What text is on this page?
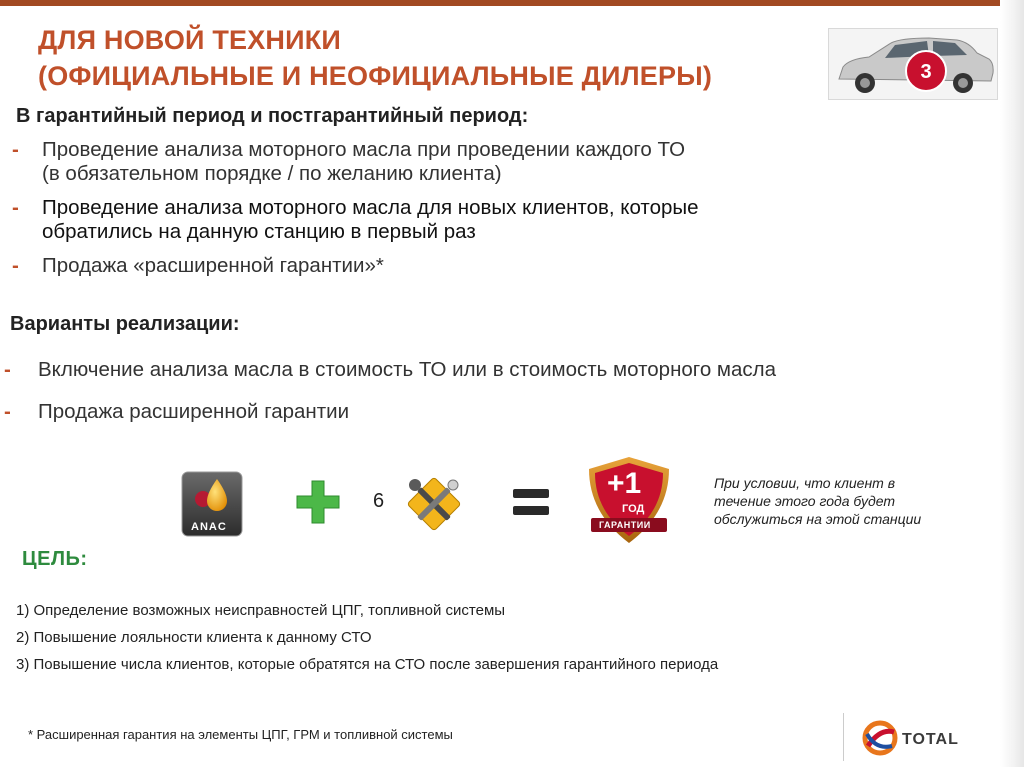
ДЛЯ НОВОЙ ТЕХНИКИ
(ОФИЦИАЛЬНЫЕ И НЕОФИЦИАЛЬНЫЕ ДИЛЕРЫ)	3
В гарантийный период и постгарантийный период:
- Проведение анализа моторного масла при проведении каждого ТО
(в обязательном порядке / по желанию клиента)
- Проведение анализа моторного масла для новых клиентов, которые
обратились на данную станцию в первый раз
- Продажа «расширенной гарантии»*
Варианты реализации:
- Включение анализа масла в стоимость ТО или в стоимость моторного масла
- Продажа расширенной гарантии
ANAC
6
+1
ГОД
ГАРАНТИИ
При условии, что клиент в
течение этого года будет
обслужиться на этой станции
ЦЕЛЬ:
1) Определение возможных неисправностей ЦПГ, топливной системы
2) Повышение лояльности клиента к данному СТО
3) Повышение числа клиентов, которые обратятся на СТО после завершения гарантийного периода
* Расширенная гарантия на элементы ЦПГ, ГРМ и топливной системы	TOTAL
